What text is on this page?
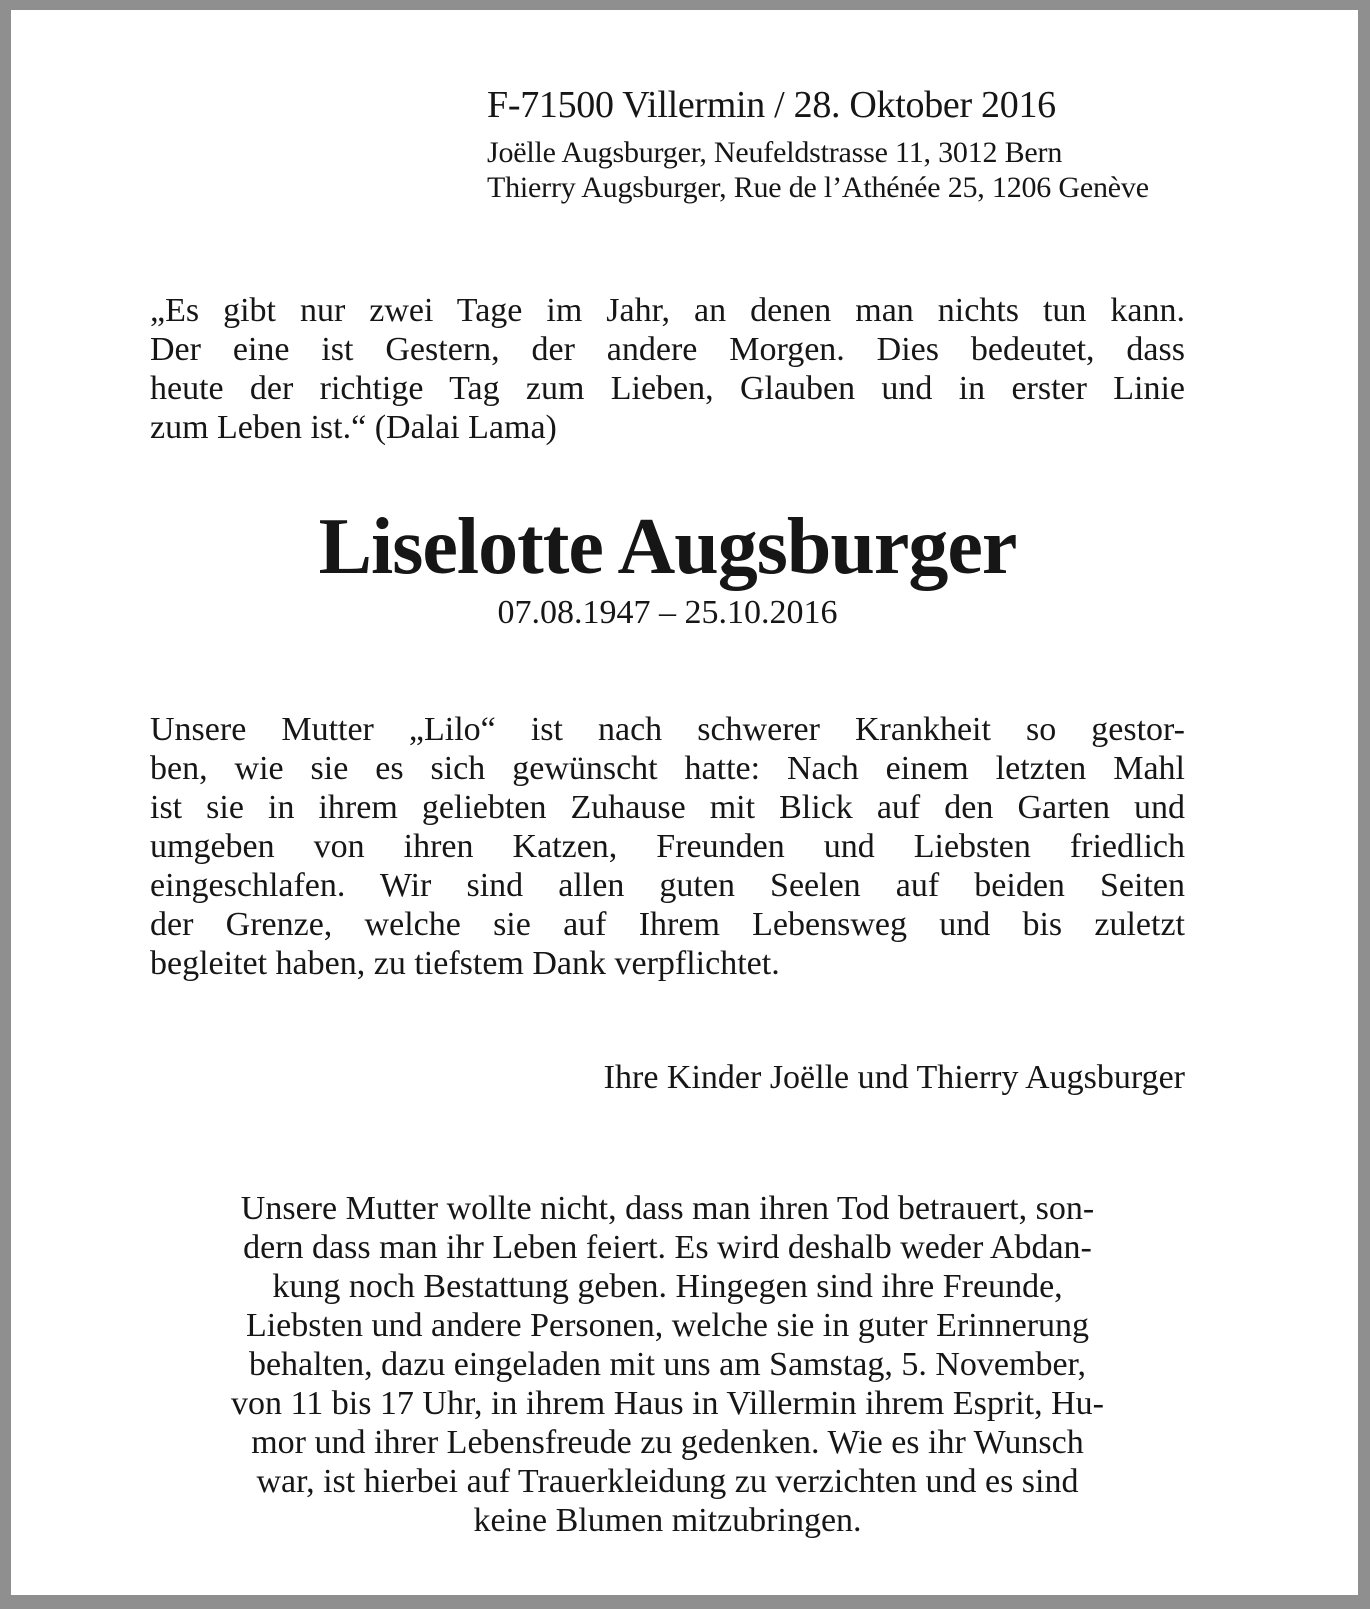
F-71500 Villermin / 28. Oktober 2016
Joëlle Augsburger, Neufeldstrasse 11, 3012 Bern
Thierry Augsburger, Rue de l’Athénée 25, 1206 Genève
„Es gibt nur zwei Tage im Jahr, an denen man nichts tun kann.
Der eine ist Gestern, der andere Morgen. Dies bedeutet, dass
heute der richtige Tag zum Lieben, Glauben und in erster Linie
zum Leben ist.“ (Dalai Lama)
Liselotte Augsburger
07.08.1947 – 25.10.2016
Unsere Mutter „Lilo“ ist nach schwerer Krankheit so gestor-
ben, wie sie es sich gewünscht hatte: Nach einem letzten Mahl
ist sie in ihrem geliebten Zuhause mit Blick auf den Garten und
umgeben von ihren Katzen, Freunden und Liebsten friedlich
eingeschlafen. Wir sind allen guten Seelen auf beiden Seiten
der Grenze, welche sie auf Ihrem Lebensweg und bis zuletzt
begleitet haben, zu tiefstem Dank verpflichtet.
Ihre Kinder Joëlle und Thierry Augsburger
Unsere Mutter wollte nicht, dass man ihren Tod betrauert, son-
dern dass man ihr Leben feiert. Es wird deshalb weder Abdan-
kung noch Bestattung geben. Hingegen sind ihre Freunde,
Liebsten und andere Personen, welche sie in guter Erinnerung
behalten, dazu eingeladen mit uns am Samstag, 5. November,
von 11 bis 17 Uhr, in ihrem Haus in Villermin ihrem Esprit, Hu-
mor und ihrer Lebensfreude zu gedenken. Wie es ihr Wunsch
war, ist hierbei auf Trauerkleidung zu verzichten und es sind
keine Blumen mitzubringen.
